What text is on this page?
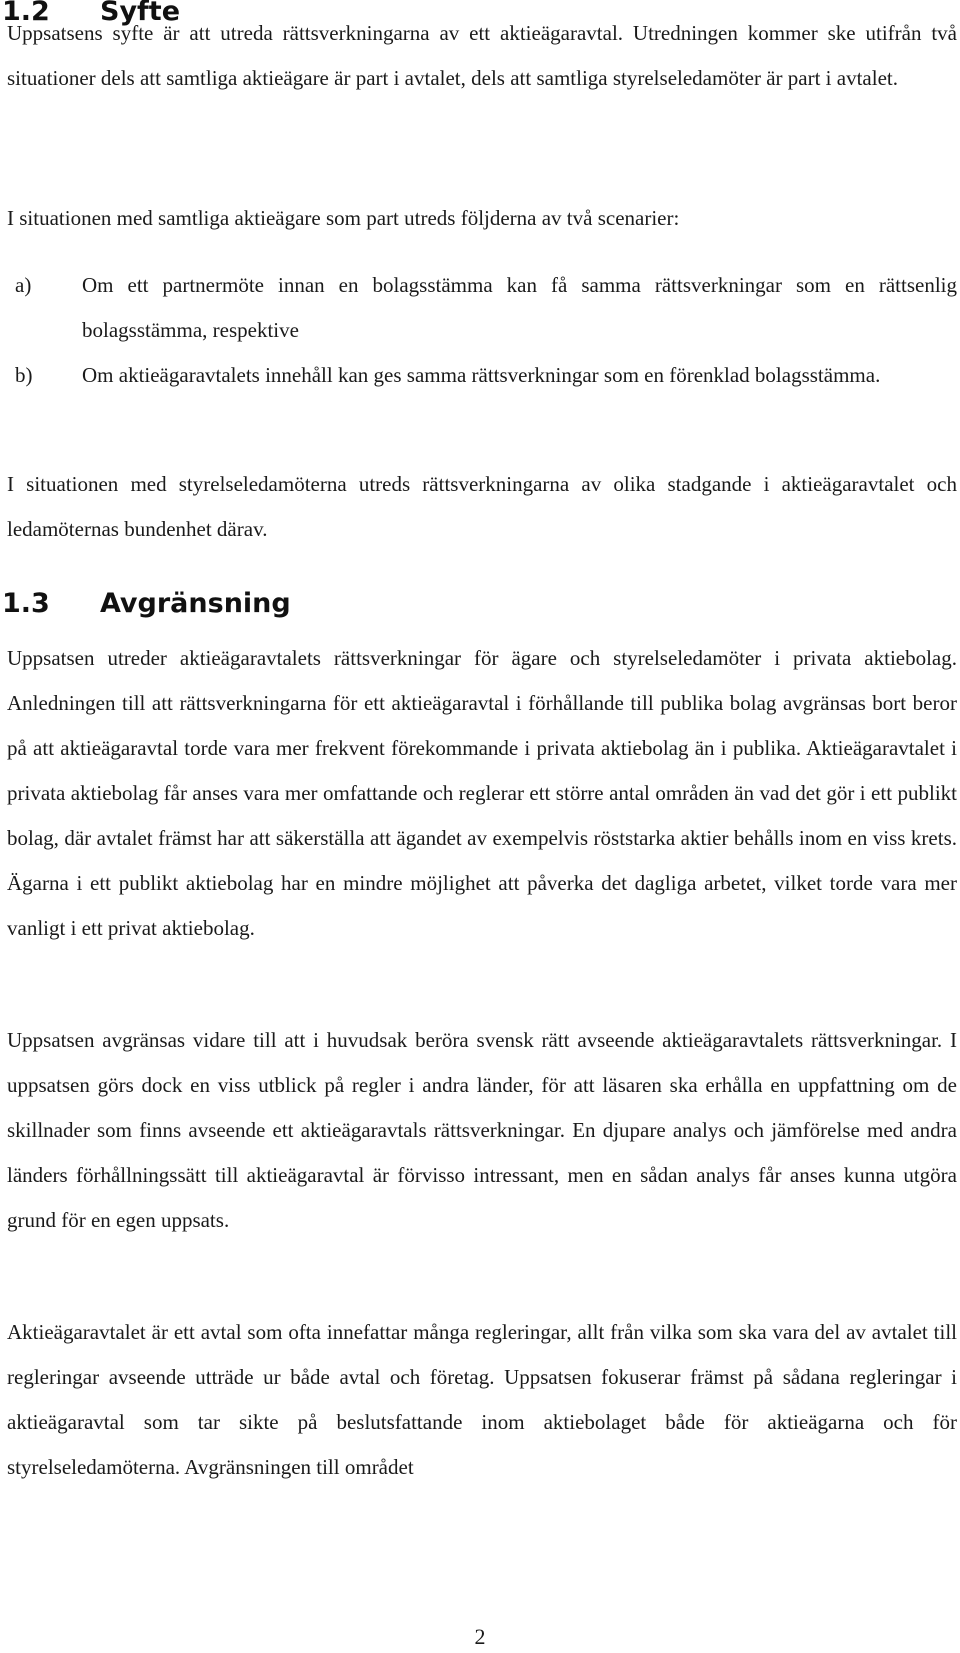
1.2 Syfte

Uppsatsens syfte är att utreda rättsverkningarna av ett aktieägaravtal. Utredningen kommer ske utifrån två situationer dels att samtliga aktieägare är part i avtalet, dels att samtliga styrelseledamöter är part i avtalet.

I situationen med samtliga aktieägare som part utreds följderna av två scenarier:

a) Om ett partnermöte innan en bolagsstämma kan få samma rättsverkningar som en rättsenlig bolagsstämma, respektive
b) Om aktieägaravtalets innehåll kan ges samma rättsverkningar som en förenklad bolagsstämma.

I situationen med styrelseledamöterna utreds rättsverkningarna av olika stadgande i aktieägaravtalet och ledamöternas bundenhet därav.

1.3 Avgränsning

Uppsatsen utreder aktieägaravtalets rättsverkningar för ägare och styrelseledamöter i privata aktiebolag. Anledningen till att rättsverkningarna för ett aktieägaravtal i förhållande till publika bolag avgränsas bort beror på att aktieägaravtal torde vara mer frekvent förekommande i privata aktiebolag än i publika. Aktieägaravtalet i privata aktiebolag får anses vara mer omfattande och reglerar ett större antal områden än vad det gör i ett publikt bolag, där avtalet främst har att säkerställa att ägandet av exempelvis röststarka aktier behålls inom en viss krets. Ägarna i ett publikt aktiebolag har en mindre möjlighet att påverka det dagliga arbetet, vilket torde vara mer vanligt i ett privat aktiebolag.

Uppsatsen avgränsas vidare till att i huvudsak beröra svensk rätt avseende aktieägaravtalets rättsverkningar. I uppsatsen görs dock en viss utblick på regler i andra länder, för att läsaren ska erhålla en uppfattning om de skillnader som finns avseende ett aktieägaravtals rättsverkningar. En djupare analys och jämförelse med andra länders förhållningssätt till aktieägaravtal är förvisso intressant, men en sådan analys får anses kunna utgöra grund för en egen uppsats.

Aktieägaravtalet är ett avtal som ofta innefattar många regleringar, allt från vilka som ska vara del av avtalet till regleringar avseende utträde ur både avtal och företag. Uppsatsen fokuserar främst på sådana regleringar i aktieägaravtal som tar sikte på beslutsfattande inom aktiebolaget både för aktieägarna och för styrelseledamöterna. Avgränsningen till området

2
